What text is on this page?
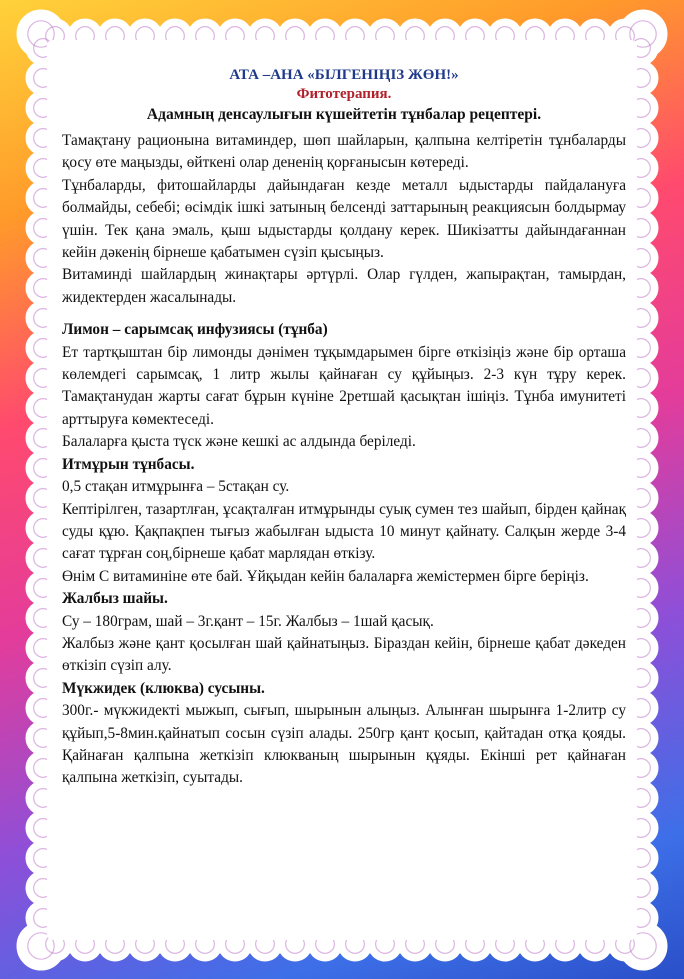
АТА –АНА «БІЛГЕНІҢІЗ ЖӨН!»
Фитотерапия.
Адамның денсаулығын күшейтетін тұнбалар рецептері.

Тамақтану рационына витаминдер, шөп шайларын, қалпына келтіретін тұнбаларды қосу өте маңызды, өйткені олар дененің қорғанысын көтереді.

Тұнбаларды, фитошайларды дайындаған кезде металл ыдыстарды пайдалануға болмайды, себебі; өсімдік ішкі затының белсенді заттарының реакциясын болдырмау үшін. Тек қана эмаль, қыш ыдыстарды қолдану керек. Шикізатты дайындағаннан кейін дәкенің бірнеше қабатымен сүзіп қысыңыз.

Витаминді шайлардың жинақтары әртүрлі. Олар гүлден, жапырақтан, тамырдан, жидектерден жасалынады.

Лимон – сарымсақ инфузиясы (тұнба)

Ет тартқыштан бір лимонды дәнімен тұқымдарымен бірге өткізіңіз және бір орташа көлемдегі сарымсақ, 1 литр жылы қайнаған су құйыңыз. 2-3 күн тұру керек. Тамақтанудан жарты сағат бұрын күніне 2ретшай қасықтан ішіңіз. Тұнба имунитеті арттыруға көмектеседі.

Балаларға қыста түск және кешкі ас алдында беріледі.

Итмұрын тұнбасы.

0,5 стақан итмұрынға – 5стақан су.

Кептірілген, тазартлған, ұсақталған итмұрынды суық сумен тез шайып, бірден қайнақ суды құю. Қақпақпен тығыз жабылған ыдыста 10 минут қайнату. Салқын жерде 3-4 сағат тұрған соң,бірнеше қабат марлядан өткізу.

Өнім С витаминіне өте бай. Ұйқыдан кейін балаларға жемістермен бірге беріңіз.

Жалбыз шайы.

Су – 180грам, шай – 3г.қант – 15г. Жалбыз – 1шай қасық.

Жалбыз және қант қосылған шай қайнатыңыз. Біраздан кейін, бірнеше қабат дәкеден өткізіп сүзіп алу.

Мүкжидек (клюква) сусыны.

300г.- мүкжидекті мыжып, сығып, шырынын алыңыз. Алынған шырынға 1-2литр су құйып,5-8мин.қайнатып сосын сүзіп алады. 250гр қант қосып, қайтадан отқа қояды. Қайнаған қалпына жеткізіп клюкваның шырынын құяды. Екінші рет қайнаған қалпына жеткізіп, суытады.
